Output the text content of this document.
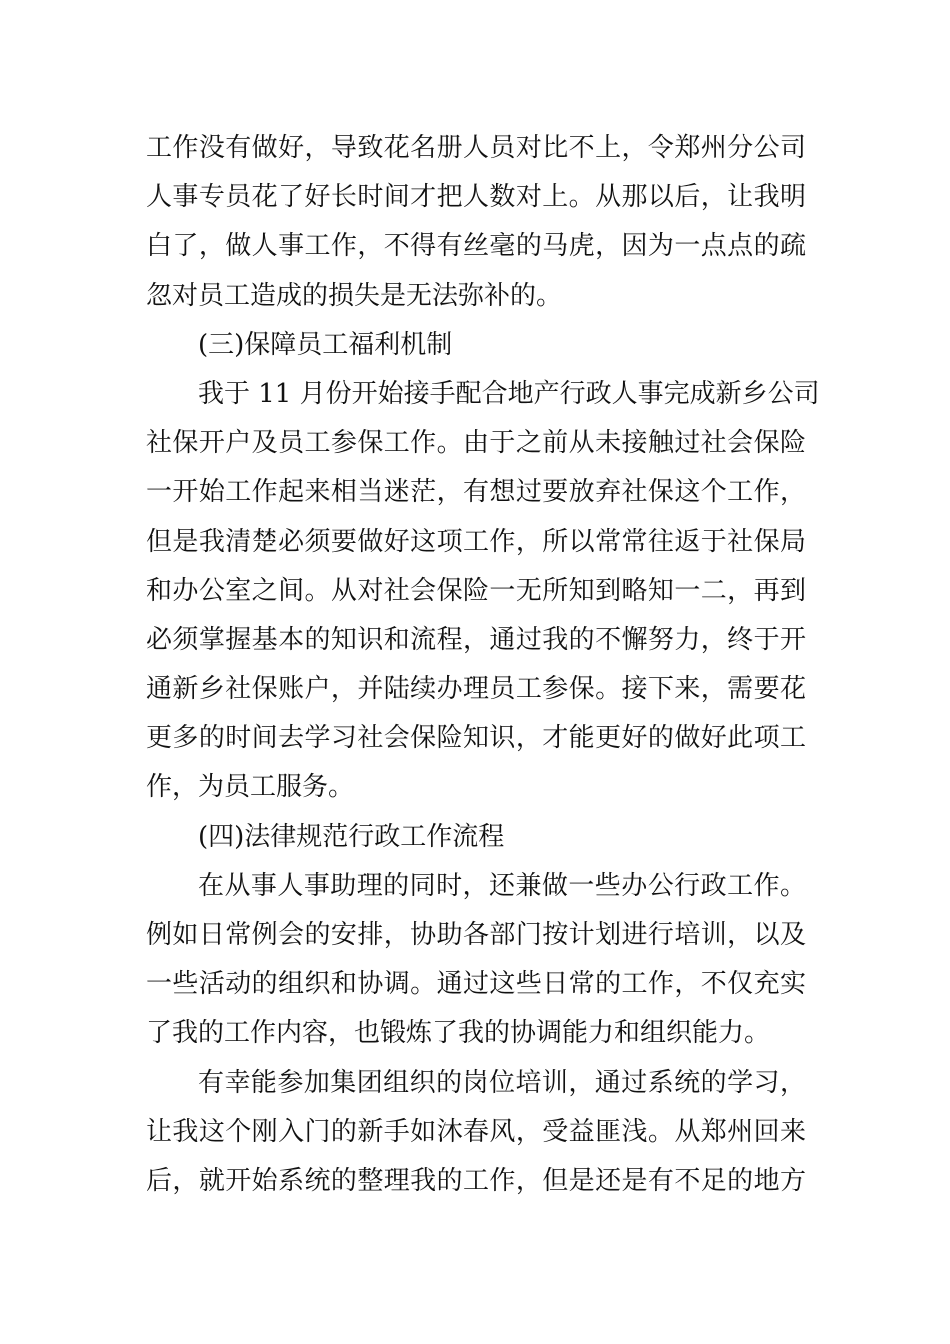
工作没有做好，导致花名册人员对比不上，令郑州分公司
人事专员花了好长时间才把人数对上。从那以后，让我明
白了，做人事工作，不得有丝毫的马虎，因为一点点的疏
忽对员工造成的损失是无法弥补的。
(三)保障员工福利机制
我于 11 月份开始接手配合地产行政人事完成新乡公司
社保开户及员工参保工作。由于之前从未接触过社会保险
一开始工作起来相当迷茫，有想过要放弃社保这个工作，
但是我清楚必须要做好这项工作，所以常常往返于社保局
和办公室之间。从对社会保险一无所知到略知一二，再到
必须掌握基本的知识和流程，通过我的不懈努力，终于开
通新乡社保账户，并陆续办理员工参保。接下来，需要花
更多的时间去学习社会保险知识，才能更好的做好此项工
作，为员工服务。
(四)法律规范行政工作流程
在从事人事助理的同时，还兼做一些办公行政工作。
例如日常例会的安排，协助各部门按计划进行培训，以及
一些活动的组织和协调。通过这些日常的工作，不仅充实
了我的工作内容，也锻炼了我的协调能力和组织能力。
有幸能参加集团组织的岗位培训，通过系统的学习，
让我这个刚入门的新手如沐春风，受益匪浅。从郑州回来
后，就开始系统的整理我的工作，但是还是有不足的地方
